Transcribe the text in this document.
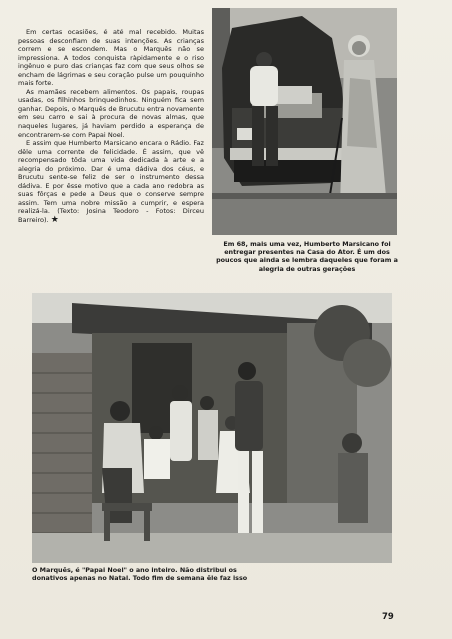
Em certas ocasiões, é até mal recebido. Muitas pessoas desconfiam de suas intenções. As crianças correm e se escondem. Mas o Marquês não se impressiona. A todos conquista ràpidamente e o riso ingênuo e puro das crianças faz com que seus olhos se encham de lágrimas e seu coração pulse um pouquinho mais forte.

As mamães recebem alimentos. Os papais, roupas usadas, os filhinhos brinquedinhos. Ninguém fica sem ganhar. Depois, o Marquês de Brucutu entra novamente em seu carro e sai à procura de novas almas, que naqueles lugares, já haviam perdido a esperança de encontrarem-se com Papai Noel.

E assim que Humberto Marsicano encara o Rádio. Faz dêle uma corrente de felicidade. É assim, que vê recompensado tôda uma vida dedicada à arte e a alegria do próximo. Dar é uma dádiva dos céus, e Brucutu sente-se feliz de ser o instrumento dessa dádiva. E por êsse motivo que a cada ano redobra as suas fôrças e pede a Deus que o conserve sempre assim. Tem uma nobre missão a cumprir, e espera realizá-la. (Texto: Josina Teodoro - Fotos: Dirceu Barreiro). ★

Em 68, mais uma vez, Humberto Marsicano foi entregar presentes na Casa do Ator. É um dos poucos que ainda se lembra daqueles que foram a alegria de outras gerações
O Marquês, é "Papai Noel" o ano inteiro. Não distribui os donativos apenas no Natal. Todo fim de semana êle faz isso
79
